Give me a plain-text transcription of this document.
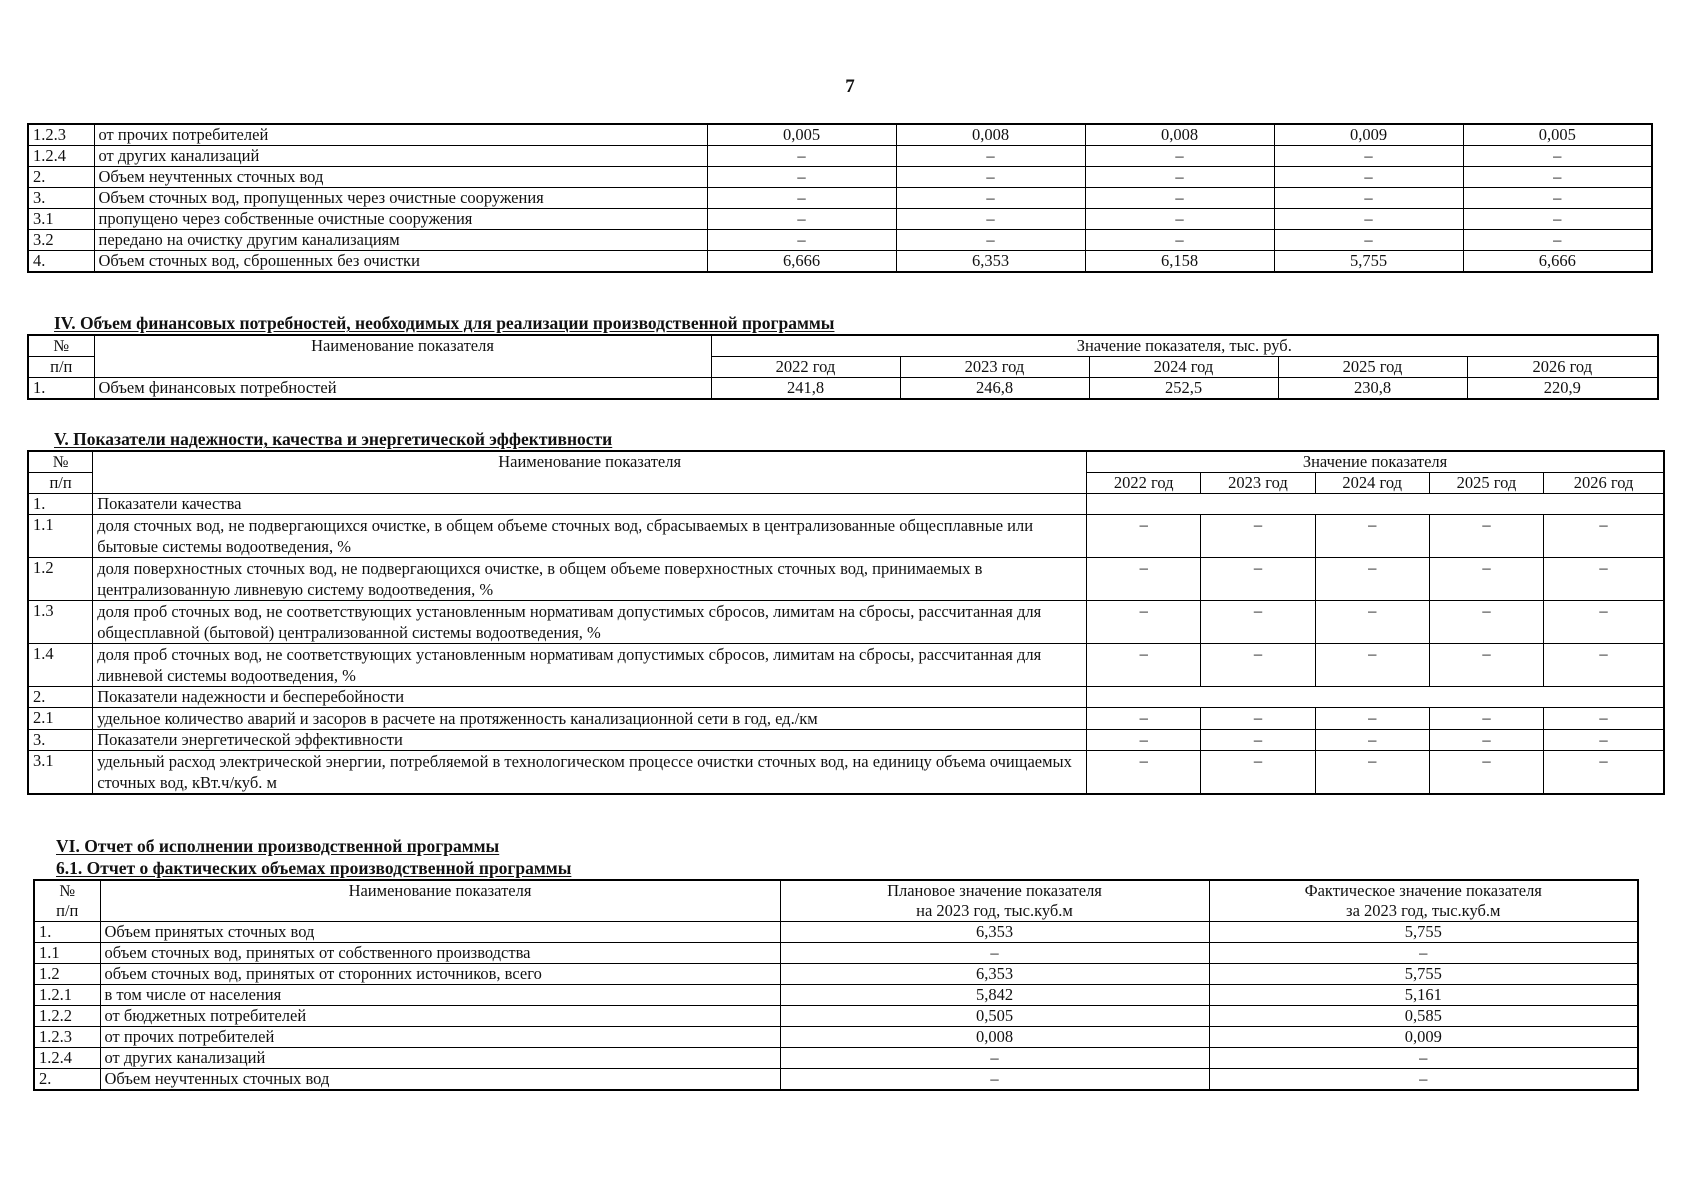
7
1.2.3	от прочих потребителей	0,005	0,008	0,008	0,009	0,005
1.2.4	от других канализаций	–	–	–	–	–
2.	Объем неучтенных сточных вод	–	–	–	–	–
3.	Объем сточных вод, пропущенных через очистные сооружения	–	–	–	–	–
3.1	пропущено через собственные очистные сооружения	–	–	–	–	–
3.2	передано на очистку другим канализациям	–	–	–	–	–
4.	Объем сточных вод, сброшенных без очистки	6,666	6,353	6,158	5,755	6,666
IV. Объем финансовых потребностей, необходимых для реализации производственной программы
№	Наименование показателя	Значение показателя, тыс. руб.				
п/п		2022 год	2023 год	2024 год	2025 год	2026 год
1.	Объем финансовых потребностей	241,8	246,8	252,5	230,8	220,9
V. Показатели надежности, качества и энергетической эффективности
№	Наименование показателя	Значение показателя				
п/п		2022 год	2023 год	2024 год	2025 год	2026 год
1.	Показатели качества					
1.1	доля сточных вод, не подвергающихся очистке, в общем объеме сточных вод, сбрасываемых в централизованные общесплавные или бытовые системы водоотведения, %	–	–	–	–	–
1.2	доля поверхностных сточных вод, не подвергающихся очистке, в общем объеме поверхностных сточных вод, принимаемых в централизованную ливневую систему водоотведения, %	–	–	–	–	–
1.3	доля проб сточных вод, не соответствующих установленным нормативам допустимых сбросов, лимитам на сбросы, рассчитанная для общесплавной (бытовой) централизованной системы водоотведения, %	–	–	–	–	–
1.4	доля проб сточных вод, не соответствующих установленным нормативам допустимых сбросов, лимитам на сбросы, рассчитанная для ливневой системы водоотведения, %	–	–	–	–	–
2.	Показатели надежности и бесперебойности					
2.1	удельное количество аварий и засоров в расчете на протяженность канализационной сети в год, ед./км	–	–	–	–	–
3.	Показатели энергетической эффективности	–	–	–	–	–
3.1	удельный расход электрической энергии, потребляемой в технологическом процессе очистки сточных вод, на единицу объема очищаемых сточных вод, кВт.ч/куб. м	–	–	–	–	–
VI. Отчет об исполнении производственной программы
6.1. Отчет о фактических объемах производственной программы
№	Наименование показателя	Плановое значение показателя	Фактическое значение показателя
п/п		на 2023 год, тыс.куб.м	за 2023 год, тыс.куб.м
1.	Объем принятых сточных вод	6,353	5,755
1.1	объем сточных вод, принятых от собственного производства	–	–
1.2	объем сточных вод, принятых от сторонних источников, всего	6,353	5,755
1.2.1	в том числе от населения	5,842	5,161
1.2.2	от бюджетных потребителей	0,505	0,585
1.2.3	от прочих потребителей	0,008	0,009
1.2.4	от других канализаций	–	–
2.	Объем неучтенных сточных вод	–	–
